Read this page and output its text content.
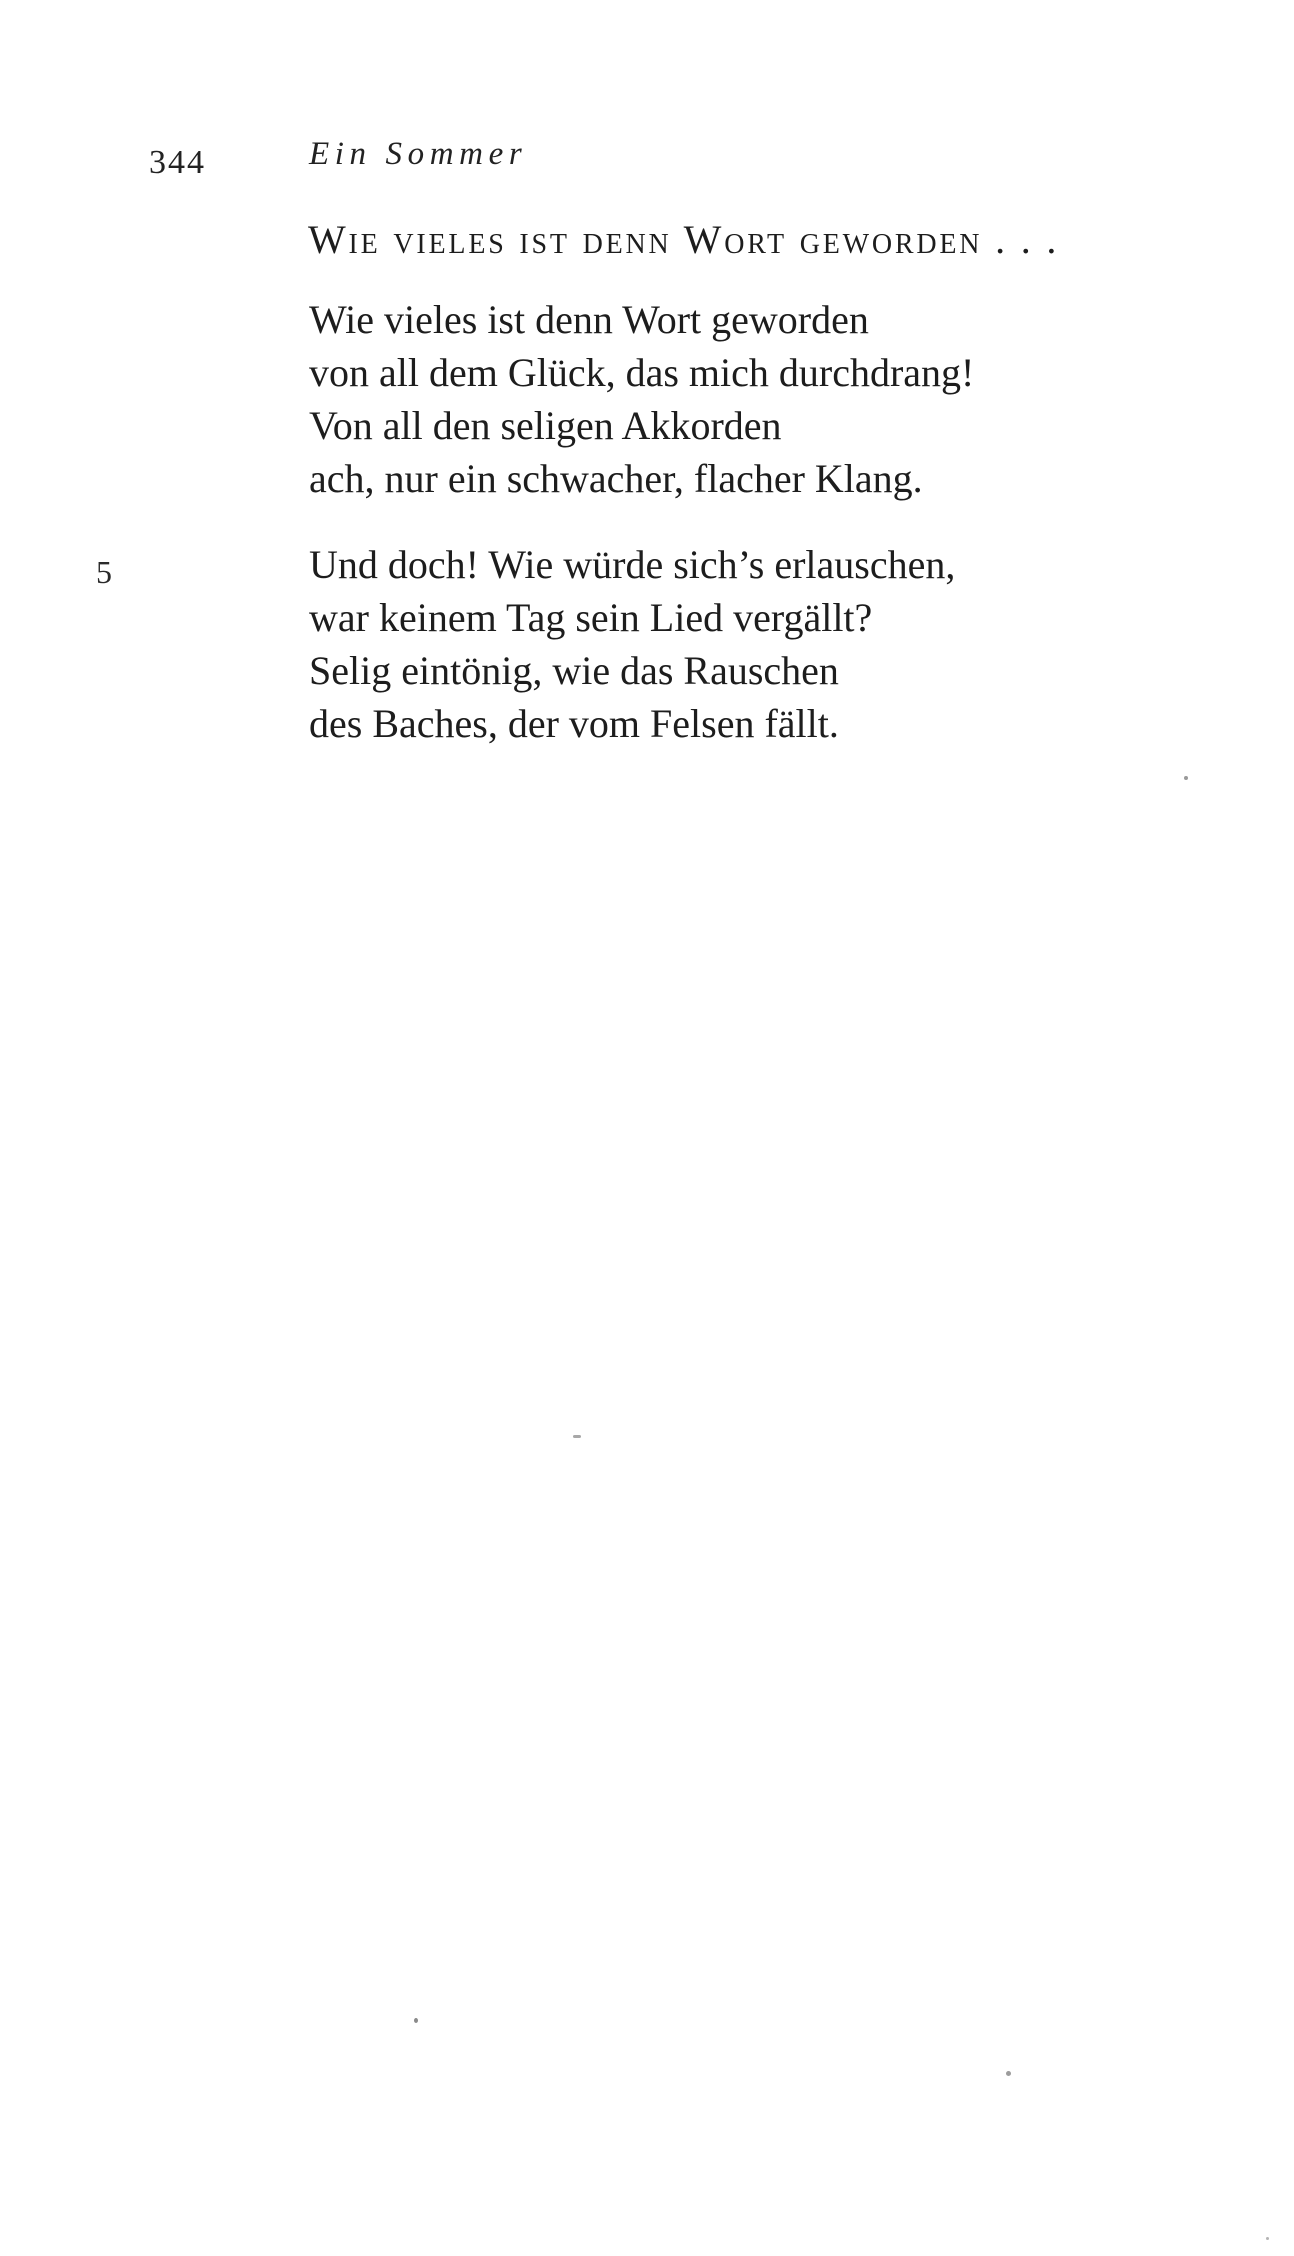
344	Ein Sommer
Wie vieles ist denn Wort geworden . . .
Wie vieles ist denn Wort geworden
von all dem Glück, das mich durchdrang!
Von all den seligen Akkorden
ach, nur ein schwacher, flacher Klang.
5	Und doch! Wie würde sich’s erlauschen,
war keinem Tag sein Lied vergällt?
Selig eintönig, wie das Rauschen
des Baches, der vom Felsen fällt.
